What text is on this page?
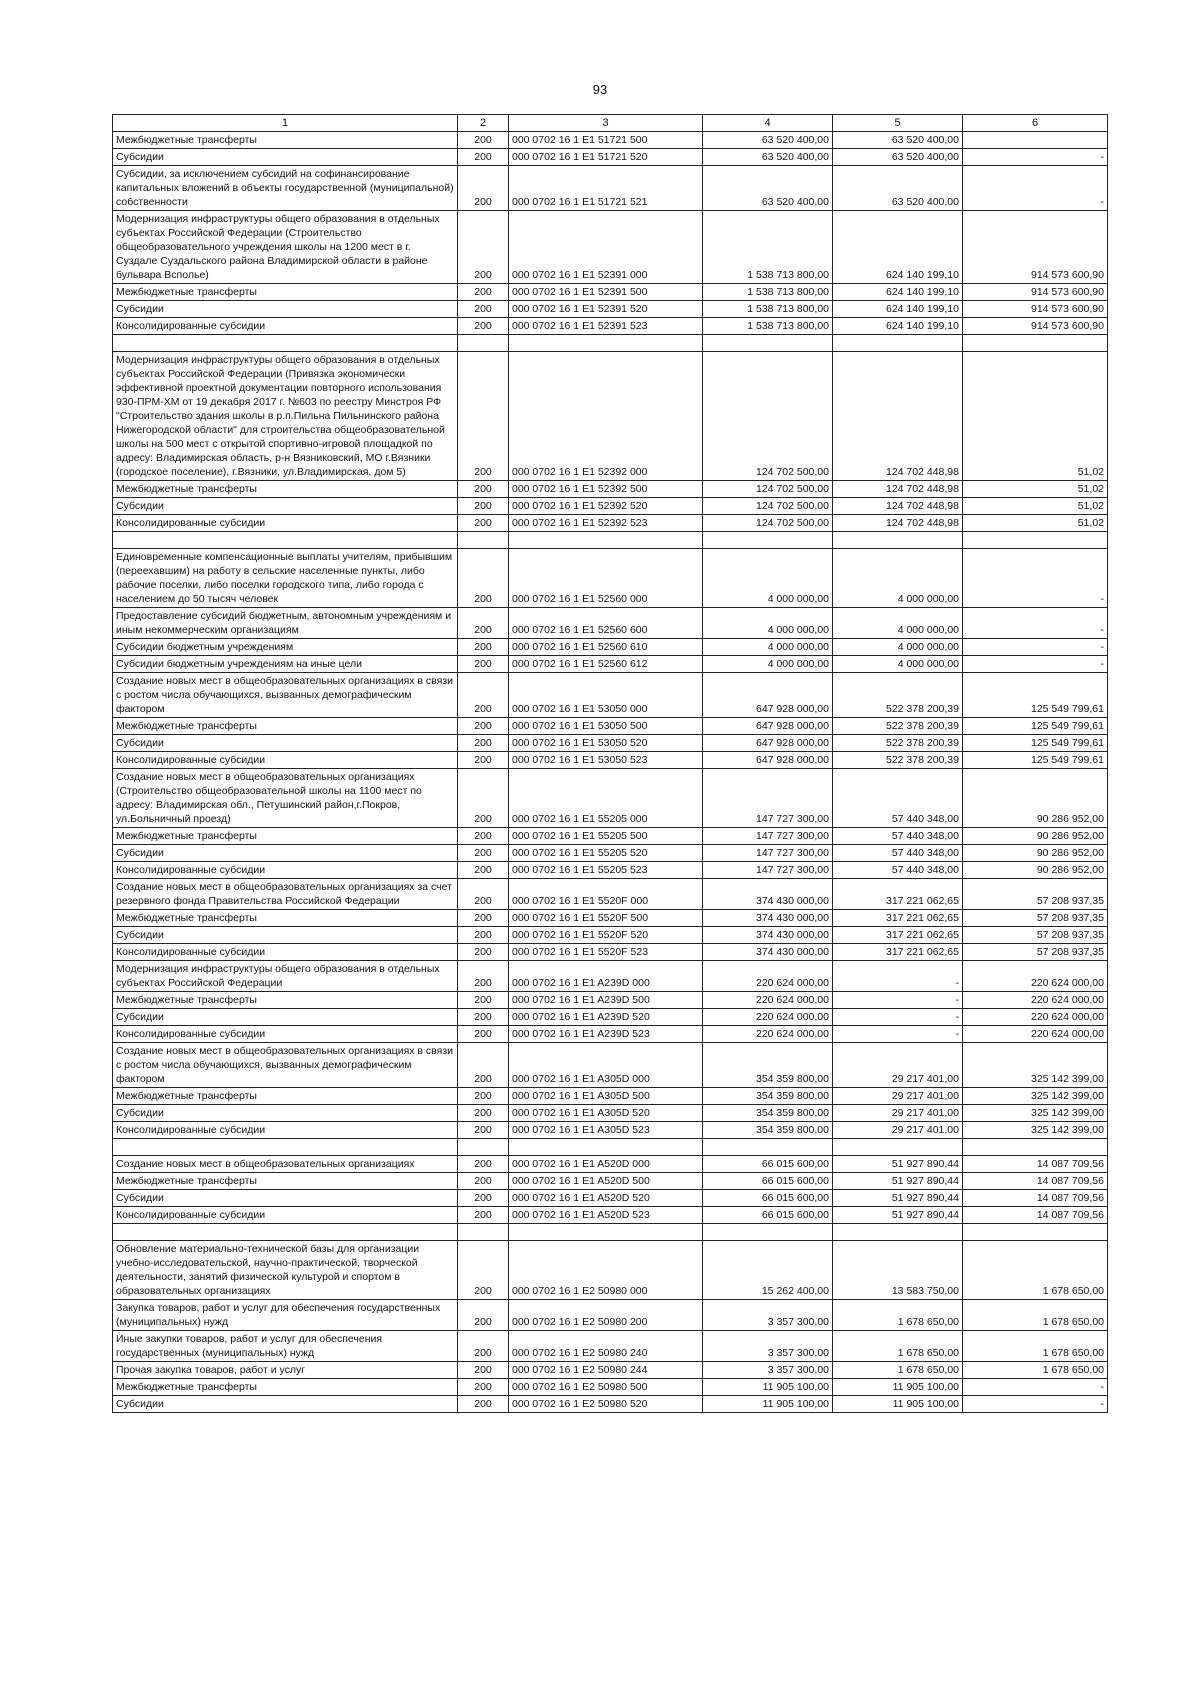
93
1	2	3	4	5	6
Межбюджетные трансферты	200	000 0702 16 1 E1 51721 500	63 520 400,00	63 520 400,00	
Субсидии	200	000 0702 16 1 E1 51721 520	63 520 400,00	63 520 400,00	-
Субсидии, за исключением субсидий на софинансирование капитальных вложений в объекты государственной (муниципальной) собственности	200	000 0702 16 1 E1 51721 521	63 520 400,00	63 520 400,00	-
Модернизация инфраструктуры общего образования в отдельных субъектах Российской Федерации (Строительство общеобразовательного учреждения школы на 1200 мест в г. Суздале Суздальского района Владимирской области в районе бульвара Всполье)	200	000 0702 16 1 E1 52391 000	1 538 713 800,00	624 140 199,10	914 573 600,90
Межбюджетные трансферты	200	000 0702 16 1 E1 52391 500	1 538 713 800,00	624 140 199,10	914 573 600,90
Субсидии	200	000 0702 16 1 E1 52391 520	1 538 713 800,00	624 140 199,10	914 573 600,90
Консолидированные субсидии	200	000 0702 16 1 E1 52391 523	1 538 713 800,00	624 140 199,10	914 573 600,90

Модернизация инфраструктуры общего образования в отдельных субъектах Российской Федерации (Привязка экономически эффективной проектной документации повторного использования 930-ПРМ-ХМ от 19 декабря 2017 г. №603 по реестру Минстроя РФ "Строительство здания школы в р.п.Пильна Пильнинского района Нижегородской области" для строительства общеобразовательной школы на 500 мест с открытой спортивно-игровой площадкой по адресу: Владимирская область, р-н Вязниковский, МО г.Вязники (городское поселение), г.Вязники, ул.Владимирская, дом 5)	200	000 0702 16 1 E1 52392 000	124 702 500,00	124 702 448,98	51,02
Межбюджетные трансферты	200	000 0702 16 1 E1 52392 500	124 702 500,00	124 702 448,98	51,02
Субсидии	200	000 0702 16 1 E1 52392 520	124 702 500,00	124 702 448,98	51,02
Консолидированные субсидии	200	000 0702 16 1 E1 52392 523	124 702 500,00	124 702 448,98	51,02

Единовременные компенсационные выплаты учителям, прибывшим (переехавшим) на работу в сельские населенные пункты, либо рабочие поселки, либо поселки городского типа, либо города с населением до 50 тысяч человек	200	000 0702 16 1 E1 52560 000	4 000 000,00	4 000 000,00	-
Предоставление субсидий бюджетным, автономным учреждениям и иным некоммерческим организациям	200	000 0702 16 1 E1 52560 600	4 000 000,00	4 000 000,00	-
Субсидии бюджетным учреждениям	200	000 0702 16 1 E1 52560 610	4 000 000,00	4 000 000,00	-
Субсидии бюджетным учреждениям на иные цели	200	000 0702 16 1 E1 52560 612	4 000 000,00	4 000 000,00	-
Создание новых мест в общеобразовательных организациях в связи с ростом числа обучающихся, вызванных демографическим фактором	200	000 0702 16 1 E1 53050 000	647 928 000,00	522 378 200,39	125 549 799,61
Межбюджетные трансферты	200	000 0702 16 1 E1 53050 500	647 928 000,00	522 378 200,39	125 549 799,61
Субсидии	200	000 0702 16 1 E1 53050 520	647 928 000,00	522 378 200,39	125 549 799,61
Консолидированные субсидии	200	000 0702 16 1 E1 53050 523	647 928 000,00	522 378 200,39	125 549 799,61
Создание новых мест в общеобразовательных организациях (Строительство общеобразовательной школы на 1100 мест по адресу: Владимирская обл., Петушинский район,г.Покров, ул.Больничный проезд)	200	000 0702 16 1 E1 55205 000	147 727 300,00	57 440 348,00	90 286 952,00
Межбюджетные трансферты	200	000 0702 16 1 E1 55205 500	147 727 300,00	57 440 348,00	90 286 952,00
Субсидии	200	000 0702 16 1 E1 55205 520	147 727 300,00	57 440 348,00	90 286 952,00
Консолидированные субсидии	200	000 0702 16 1 E1 55205 523	147 727 300,00	57 440 348,00	90 286 952,00
Создание новых мест в общеобразовательных организациях за счет резервного фонда Правительства Российской Федерации	200	000 0702 16 1 E1 5520F 000	374 430 000,00	317 221 062,65	57 208 937,35
Межбюджетные трансферты	200	000 0702 16 1 E1 5520F 500	374 430 000,00	317 221 062,65	57 208 937,35
Субсидии	200	000 0702 16 1 E1 5520F 520	374 430 000,00	317 221 062,65	57 208 937,35
Консолидированные субсидии	200	000 0702 16 1 E1 5520F 523	374 430 000,00	317 221 062,65	57 208 937,35
Модернизация инфраструктуры общего образования в отдельных субъектах Российской Федерации	200	000 0702 16 1 E1 A239D 000	220 624 000,00	-	220 624 000,00
Межбюджетные трансферты	200	000 0702 16 1 E1 A239D 500	220 624 000,00	-	220 624 000,00
Субсидии	200	000 0702 16 1 E1 A239D 520	220 624 000,00	-	220 624 000,00
Консолидированные субсидии	200	000 0702 16 1 E1 A239D 523	220 624 000,00	-	220 624 000,00
Создание новых мест в общеобразовательных организациях в связи с ростом числа обучающихся, вызванных демографическим фактором	200	000 0702 16 1 E1 A305D 000	354 359 800,00	29 217 401,00	325 142 399,00
Межбюджетные трансферты	200	000 0702 16 1 E1 A305D 500	354 359 800,00	29 217 401,00	325 142 399,00
Субсидии	200	000 0702 16 1 E1 A305D 520	354 359 800,00	29 217 401,00	325 142 399,00
Консолидированные субсидии	200	000 0702 16 1 E1 A305D 523	354 359 800,00	29 217 401,00	325 142 399,00

Создание новых мест в общеобразовательных организациях	200	000 0702 16 1 E1 A520D 000	66 015 600,00	51 927 890,44	14 087 709,56
Межбюджетные трансферты	200	000 0702 16 1 E1 A520D 500	66 015 600,00	51 927 890,44	14 087 709,56
Субсидии	200	000 0702 16 1 E1 A520D 520	66 015 600,00	51 927 890,44	14 087 709,56
Консолидированные субсидии	200	000 0702 16 1 E1 A520D 523	66 015 600,00	51 927 890,44	14 087 709,56

Обновление материально-технической базы для организации учебно-исследовательской, научно-практической, творческой деятельности, занятий физической культурой и спортом в образовательных организациях	200	000 0702 16 1 E2 50980 000	15 262 400,00	13 583 750,00	1 678 650,00
Закупка товаров, работ и услуг для обеспечения государственных (муниципальных) нужд	200	000 0702 16 1 E2 50980 200	3 357 300,00	1 678 650,00	1 678 650,00
Иные закупки товаров, работ и услуг для обеспечения государственных (муниципальных) нужд	200	000 0702 16 1 E2 50980 240	3 357 300,00	1 678 650,00	1 678 650,00
Прочая закупка товаров, работ и услуг	200	000 0702 16 1 E2 50980 244	3 357 300,00	1 678 650,00	1 678 650,00
Межбюджетные трансферты	200	000 0702 16 1 E2 50980 500	11 905 100,00	11 905 100,00	-
Субсидии	200	000 0702 16 1 E2 50980 520	11 905 100,00	11 905 100,00	-
